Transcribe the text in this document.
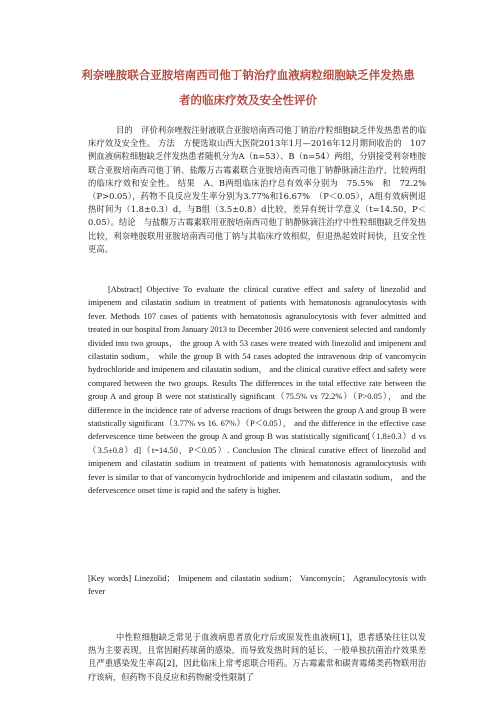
利奈唑胺联合亚胺培南西司他丁钠治疗血液病粒细胞缺乏伴发热患
者的临床疗效及安全性评价
目的　评价利奈唑胺注射液联合亚胺培南西司他丁钠治疗粒细胞缺乏伴发热患者的临床疗效及安全性。 方法　方便选取山西大医院2013年1月—2016年12月期间收治的　107　例血液病粒细胞缺乏伴发热患者随机分为A（n=53）、B（n=54）两组，分别接受利奈唑胺联合亚胺培南西司他丁钠、盐酸万古霉素联合亚胺培南西司他丁钠静脉滴注治疗，比较两组的临床疗效和安全性。 结果　A、B两组临床治疗总有效率分别为　75.5%　和　72.2%（P>0.05），药物不良反应发生率分别为3.77%和16.67%　（P＜0.05），A组有效病例退热时间为（1.8±0.3）d，与B组（3.5±0.8）d比较，差异有统计学意义（t=14.50，P＜0.05）。结论　与盐酸万古霉素联用亚胺培南西司他丁钠静脉滴注治疗中性粒细胞缺乏伴发热比较，利奈唑胺联用亚胺培南西司他丁钠与其临床疗效相似，但退热起效时间快，且安全性更高。
[Abstract] Objective To evaluate the clinical curative effect and safety of linezolid and imipenem and cilastatin sodium in treatment of patients with hematonosis agranulocytosis with fever. Methods 107 cases of patients with hematonosis agranulocytosis with fever admitted and treated in our hospital from January 2013 to December 2016 were convenient selected and randomly divided into two groups， the group A with 53 cases were treated with linezolid and imipenem and cilastatin sodium， while the group B with 54 cases adopted the intravenous drip of vancomycin hydrochloride and imipenem and cilastatin sodium， and the clinical curative effect and safety were compared between the two groups. Results The differences in the total effective rate between the group A and group B were not statistically significant（75.5% vs 72.2%）（P>0.05）， and the difference in the incidence rate of adverse reactions of drugs between the group A and group B were statistically significant（3.77% vs 16. 67%）（P＜0.05）， and the difference in the effective case defervescence time between the group A and group B was statistically significant[（1.8±0.3）d vs（3.5±0.8）d]（t=14.50，P＜0.05）. Conclusion The clinical curative effect of linezolid and imipenem and cilastatin sodium in treatment of patients with hematonosis agranulocytosis with fever is similar to that of vancomycin hydrochloride and imipenem and cilastatin sodium， and the defervescence onset time is rapid and the safety is higher.
[Key words] Linezolid； Imipenem and cilastatin sodium； Vancomycin； Agranulocytosis with fever
中性粒细胞缺乏常见于血液病患者放化疗后或原发性血液病[1]，患者感染往往以发热为主要表现，且常因耐药球菌的感染，而导致发热时间的延长，一般单独抗菌治疗效果差且严重感染发生率高[2]，因此临床上常考虑联合用药。万古霉素常和碳青霉烯类药物联用治疗该病，但药物不良反应和药物耐受性限制了
